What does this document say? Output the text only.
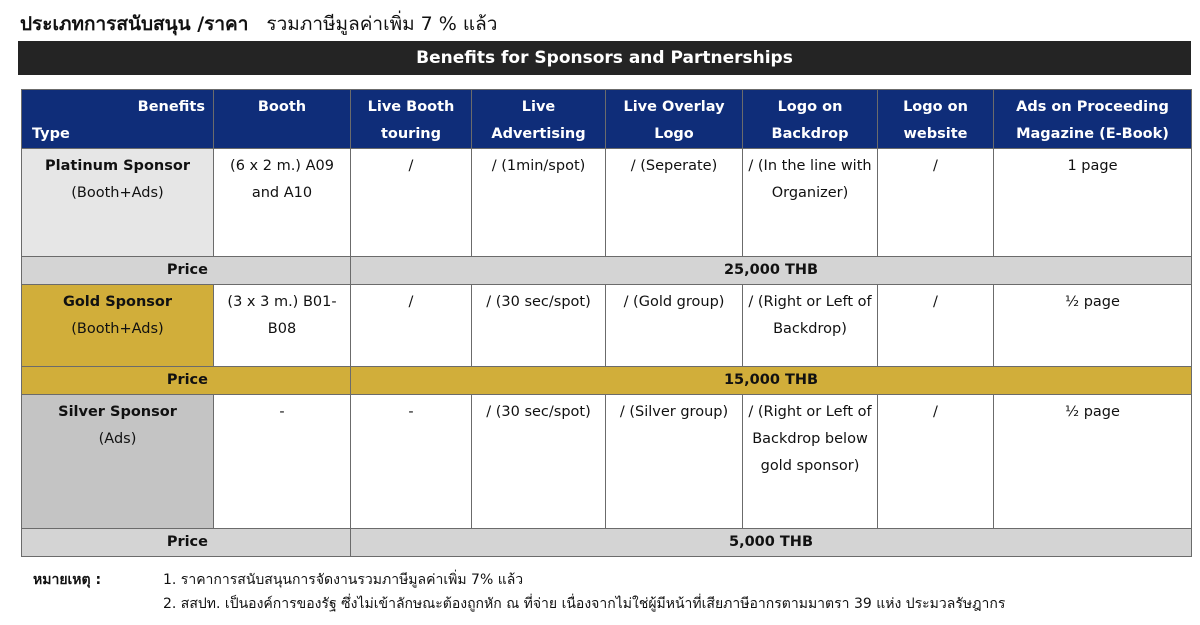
ประเภทการสนับสนุน /ราคา รวมภาษีมูลค่าเพิ่ม 7 % แล้ว
Benefits for Sponsors and Partnerships
Benefits
Type	Booth	Live Booth touring	Live Advertising	Live Overlay Logo	Logo on Backdrop	Logo on website	Ads on Proceeding Magazine (E-Book)

Platinum Sponsor
(Booth+Ads)	(6 x 2 m.) A09 and A10	/	/ (1min/spot)	/ (Seperate)	/ (In the line with Organizer)	/	1 page
Price		25,000 THB					

Gold Sponsor
(Booth+Ads)	(3 x 3 m.) B01-B08	/	/ (30 sec/spot)	/ (Gold group)	/ (Right or Left of Backdrop)	/	½ page
Price		15,000 THB					

Silver Sponsor
(Ads)	-	-	/ (30 sec/spot)	/ (Silver group)	/ (Right or Left of Backdrop below gold sponsor)	/	½ page
Price		5,000 THB					
หมายเหตุ :	1. ราคาการสนับสนุนการจัดงานรวมภาษีมูลค่าเพิ่ม 7% แล้ว
2. สสปท. เป็นองค์การของรัฐ ซึ่งไม่เข้าลักษณะต้องถูกหัก ณ ที่จ่าย เนื่องจากไม่ใช่ผู้มีหน้าที่เสียภาษีอากรตามมาตรา 39 แห่ง ประมวลรัษฎากร
